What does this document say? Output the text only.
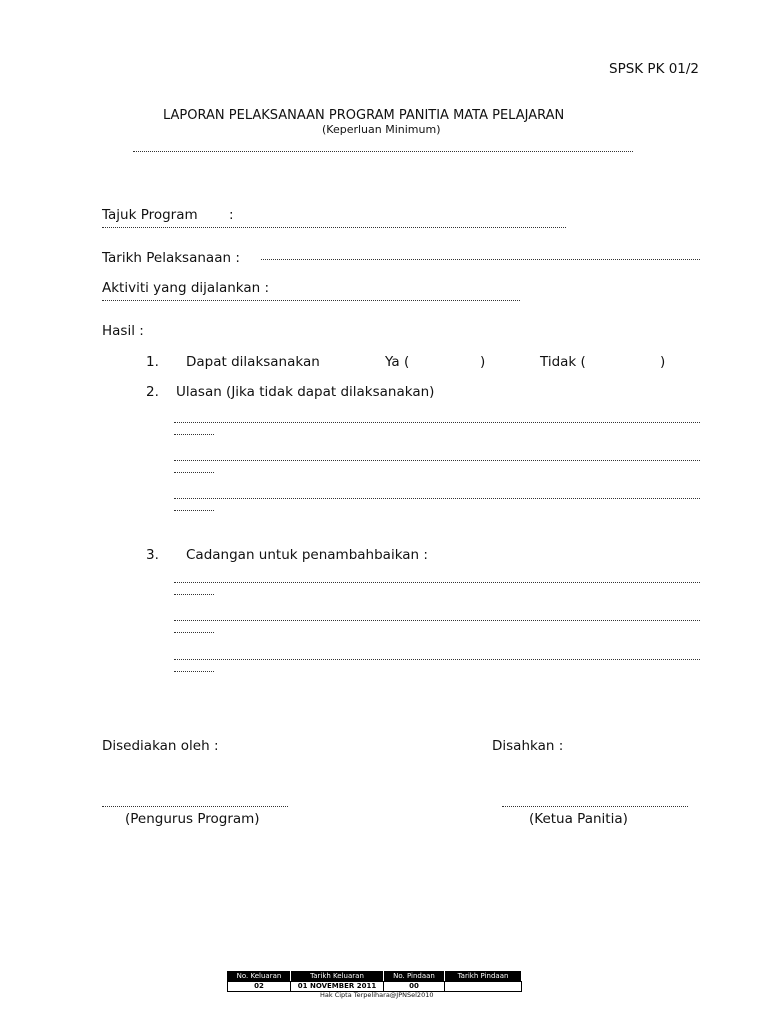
SPSK PK 01/2
LAPORAN PELAKSANAAN PROGRAM PANITIA MATA PELAJARAN
(Keperluan Minimum)
Tajuk Program :
Tarikh Pelaksanaan :
Aktiviti yang dijalankan :
Hasil :
1. Dapat dilaksanakan	Ya (	)	Tidak (	)
2. Ulasan (Jika tidak dapat dilaksanakan)
3. Cadangan untuk penambahbaikan :
Disediakan oleh :	Disahkan :
(Pengurus Program)	(Ketua Panitia)
No. Keluaran	Tarikh Keluaran	No. Pindaan	Tarikh Pindaan
02	01 NOVEMBER 2011	00	
Hak Cipta Terpelihara@JPNSel2010
